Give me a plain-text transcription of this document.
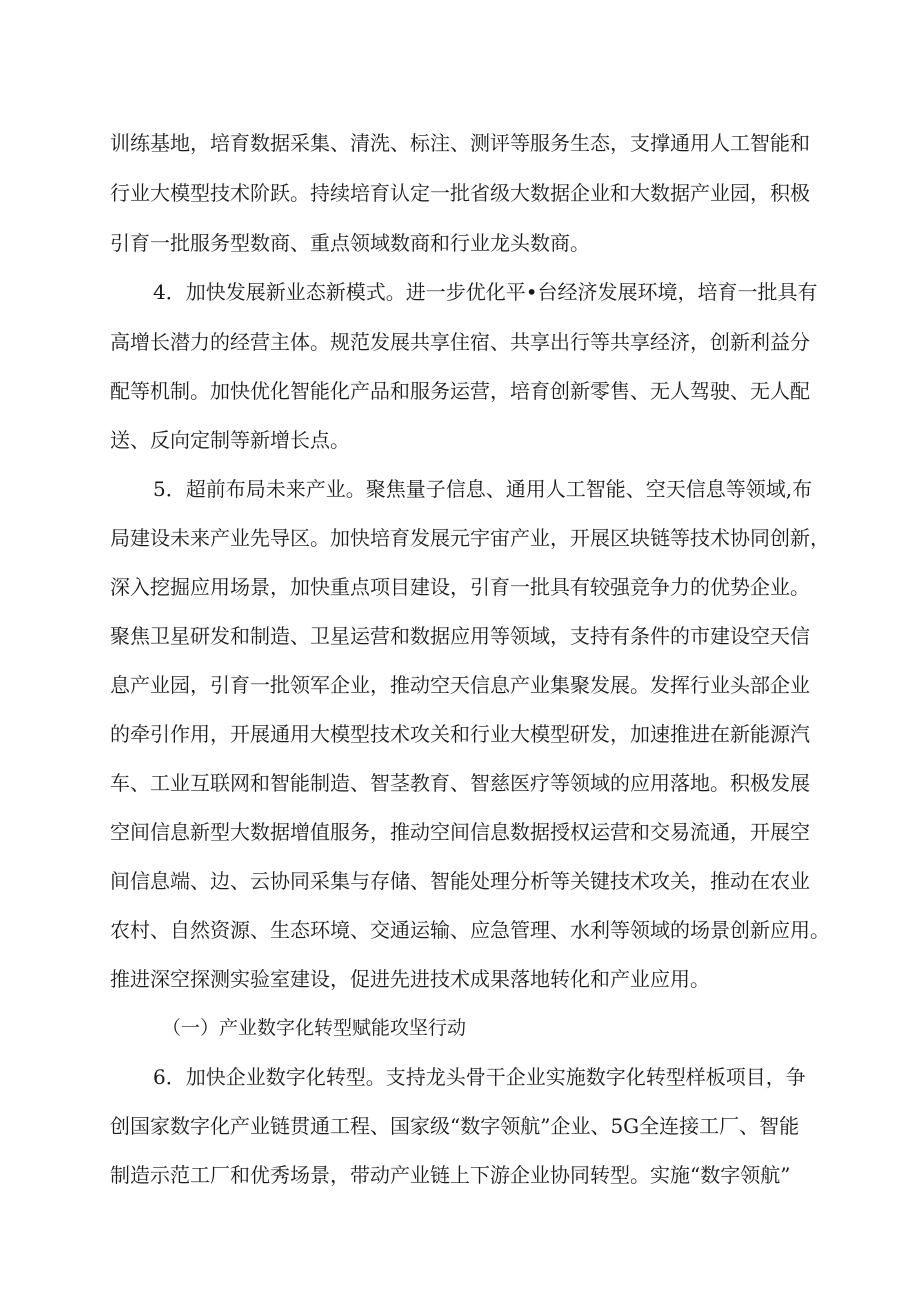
训练基地，培育数据采集、清洗、标注、测评等服务生态，支撑通用人工智能和
行业大模型技术阶跃。持续培育认定一批省级大数据企业和大数据产业园，积极
引育一批服务型数商、重点领域数商和行业龙头数商。
4．加快发展新业态新模式。进一步优化平•台经济发展环境，培育一批具有
高增长潜力的经营主体。规范发展共享住宿、共享出行等共享经济，创新利益分
配等机制。加快优化智能化产品和服务运营，培育创新零售、无人驾驶、无人配
送、反向定制等新增长点。
5．超前布局未来产业。聚焦量子信息、通用人工智能、空天信息等领域,布
局建设未来产业先导区。加快培育发展元宇宙产业，开展区块链等技术协同创新，
深入挖掘应用场景，加快重点项目建设，引育一批具有较强竞争力的优势企业。
聚焦卫星研发和制造、卫星运营和数据应用等领域，支持有条件的市建设空天信
息产业园，引育一批领军企业，推动空天信息产业集聚发展。发挥行业头部企业
的牵引作用，开展通用大模型技术攻关和行业大模型研发，加速推进在新能源汽
车、工业互联网和智能制造、智茎教育、智慈医疗等领域的应用落地。积极发展
空间信息新型大数据增值服务，推动空间信息数据授权运营和交易流通，开展空
间信息端、边、云协同采集与存储、智能处理分析等关键技术攻关，推动在农业
农村、自然资源、生态环境、交通运输、应急管理、水利等领域的场景创新应用。
推进深空探测实验室建设，促进先进技术成果落地转化和产业应用。
（一）产业数字化转型赋能攻坚行动
6．加快企业数字化转型。支持龙头骨干企业实施数字化转型样板项目，争
创国家数字化产业链贯通工程、国家级“数字领航”企业、5G全连接工厂、智能
制造示范工厂和优秀场景，带动产业链上下游企业协同转型。实施“数字领航”
